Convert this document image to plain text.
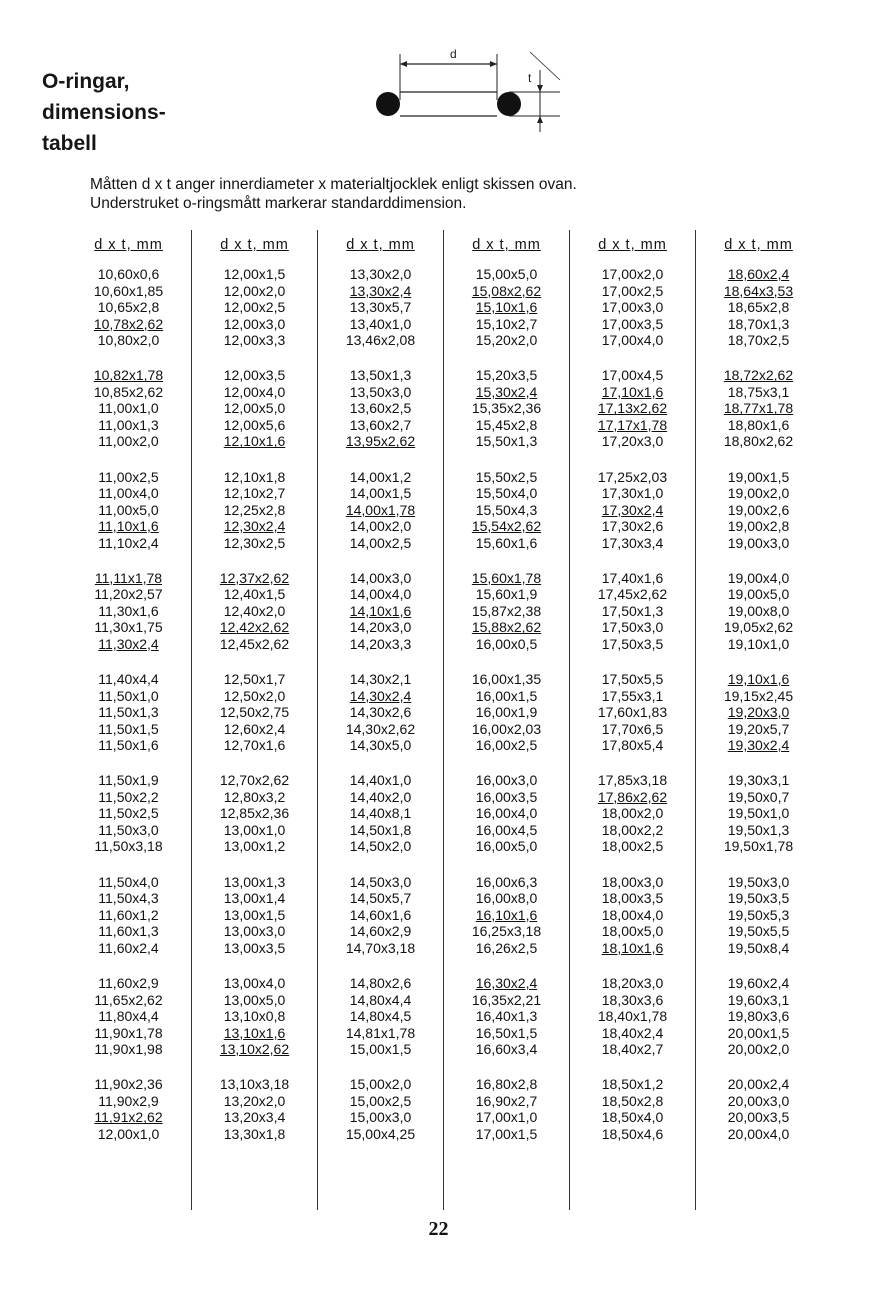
O-ringar,
dimensions-
tabell
d
t
Måtten d x t anger innerdiameter x materialtjocklek enligt skissen ovan.
Understruket o-ringsmått markerar standarddimension.
d x t, mm
10,60x0,6
10,60x1,85
10,65x2,8
10,78x2,62
10,80x2,0
10,82x1,78
10,85x2,62
11,00x1,0
11,00x1,3
11,00x2,0
11,00x2,5
11,00x4,0
11,00x5,0
11,10x1,6
11,10x2,4
11,11x1,78
11,20x2,57
11,30x1,6
11,30x1,75
11,30x2,4
11,40x4,4
11,50x1,0
11,50x1,3
11,50x1,5
11,50x1,6
11,50x1,9
11,50x2,2
11,50x2,5
11,50x3,0
11,50x3,18
11,50x4,0
11,50x4,3
11,60x1,2
11,60x1,3
11,60x2,4
11,60x2,9
11,65x2,62
11,80x4,4
11,90x1,78
11,90x1,98
11,90x2,36
11,90x2,9
11,91x2,62
12,00x1,0
d x t, mm
12,00x1,5
12,00x2,0
12,00x2,5
12,00x3,0
12,00x3,3
12,00x3,5
12,00x4,0
12,00x5,0
12,00x5,6
12,10x1,6
12,10x1,8
12,10x2,7
12,25x2,8
12,30x2,4
12,30x2,5
12,37x2,62
12,40x1,5
12,40x2,0
12,42x2,62
12,45x2,62
12,50x1,7
12,50x2,0
12,50x2,75
12,60x2,4
12,70x1,6
12,70x2,62
12,80x3,2
12,85x2,36
13,00x1,0
13,00x1,2
13,00x1,3
13,00x1,4
13,00x1,5
13,00x3,0
13,00x3,5
13,00x4,0
13,00x5,0
13,10x0,8
13,10x1,6
13,10x2,62
13,10x3,18
13,20x2,0
13,20x3,4
13,30x1,8
d x t, mm
13,30x2,0
13,30x2,4
13,30x5,7
13,40x1,0
13,46x2,08
13,50x1,3
13,50x3,0
13,60x2,5
13,60x2,7
13,95x2,62
14,00x1,2
14,00x1,5
14,00x1,78
14,00x2,0
14,00x2,5
14,00x3,0
14,00x4,0
14,10x1,6
14,20x3,0
14,20x3,3
14,30x2,1
14,30x2,4
14,30x2,6
14,30x2,62
14,30x5,0
14,40x1,0
14,40x2,0
14,40x8,1
14,50x1,8
14,50x2,0
14,50x3,0
14,50x5,7
14,60x1,6
14,60x2,9
14,70x3,18
14,80x2,6
14,80x4,4
14,80x4,5
14,81x1,78
15,00x1,5
15,00x2,0
15,00x2,5
15,00x3,0
15,00x4,25
d x t, mm
15,00x5,0
15,08x2,62
15,10x1,6
15,10x2,7
15,20x2,0
15,20x3,5
15,30x2,4
15,35x2,36
15,45x2,8
15,50x1,3
15,50x2,5
15,50x4,0
15,50x4,3
15,54x2,62
15,60x1,6
15,60x1,78
15,60x1,9
15,87x2,38
15,88x2,62
16,00x0,5
16,00x1,35
16,00x1,5
16,00x1,9
16,00x2,03
16,00x2,5
16,00x3,0
16,00x3,5
16,00x4,0
16,00x4,5
16,00x5,0
16,00x6,3
16,00x8,0
16,10x1,6
16,25x3,18
16,26x2,5
16,30x2,4
16,35x2,21
16,40x1,3
16,50x1,5
16,60x3,4
16,80x2,8
16,90x2,7
17,00x1,0
17,00x1,5
d x t, mm
17,00x2,0
17,00x2,5
17,00x3,0
17,00x3,5
17,00x4,0
17,00x4,5
17,10x1,6
17,13x2,62
17,17x1,78
17,20x3,0
17,25x2,03
17,30x1,0
17,30x2,4
17,30x2,6
17,30x3,4
17,40x1,6
17,45x2,62
17,50x1,3
17,50x3,0
17,50x3,5
17,50x5,5
17,55x3,1
17,60x1,83
17,70x6,5
17,80x5,4
17,85x3,18
17,86x2,62
18,00x2,0
18,00x2,2
18,00x2,5
18,00x3,0
18,00x3,5
18,00x4,0
18,00x5,0
18,10x1,6
18,20x3,0
18,30x3,6
18,40x1,78
18,40x2,4
18,40x2,7
18,50x1,2
18,50x2,8
18,50x4,0
18,50x4,6
d x t, mm
18,60x2,4
18,64x3,53
18,65x2,8
18,70x1,3
18,70x2,5
18,72x2,62
18,75x3,1
18,77x1,78
18,80x1,6
18,80x2,62
19,00x1,5
19,00x2,0
19,00x2,6
19,00x2,8
19,00x3,0
19,00x4,0
19,00x5,0
19,00x8,0
19,05x2,62
19,10x1,0
19,10x1,6
19,15x2,45
19,20x3,0
19,20x5,7
19,30x2,4
19,30x3,1
19,50x0,7
19,50x1,0
19,50x1,3
19,50x1,78
19,50x3,0
19,50x3,5
19,50x5,3
19,50x5,5
19,50x8,4
19,60x2,4
19,60x3,1
19,80x3,6
20,00x1,5
20,00x2,0
20,00x2,4
20,00x3,0
20,00x3,5
20,00x4,0
22
